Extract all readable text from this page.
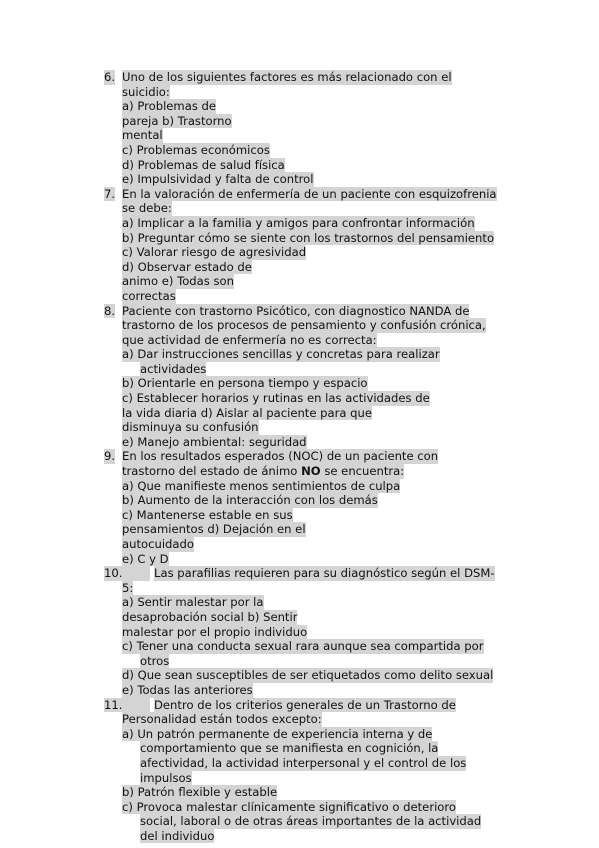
6. Uno de los siguientes factores es más relacionado con el
suicidio:
a) Problemas de
pareja b) Trastorno
mental
c) Problemas económicos
d) Problemas de salud física
e) Impulsividad y falta de control
7. En la valoración de enfermería de un paciente con esquizofrenia
se debe:
a) Implicar a la familia y amigos para confrontar información
b) Preguntar cómo se siente con los trastornos del pensamiento
c) Valorar riesgo de agresividad
d) Observar estado de
animo e) Todas son
correctas
8. Paciente con trastorno Psicótico, con diagnostico NANDA de
trastorno de los procesos de pensamiento y confusión crónica,
que actividad de enfermería no es correcta:
a) Dar instrucciones sencillas y concretas para realizar
actividades
b) Orientarle en persona tiempo y espacio
c) Establecer horarios y rutinas en las actividades de
la vida diaria d) Aislar al paciente para que
disminuya su confusión
e) Manejo ambiental: seguridad
9. En los resultados esperados (NOC) de un paciente con
trastorno del estado de ánimo NO se encuentra:
a) Que manifieste menos sentimientos de culpa
b) Aumento de la interacción con los demás
c) Mantenerse estable en sus
pensamientos d) Dejación en el
autocuidado
e) C y D
10.	Las parafilias requieren para su diagnóstico según el DSM-
5:
a) Sentir malestar por la
desaprobación social b) Sentir
malestar por el propio individuo
c) Tener una conducta sexual rara aunque sea compartida por
otros
d) Que sean susceptibles de ser etiquetados como delito sexual
e) Todas las anteriores
11.	Dentro de los criterios generales de un Trastorno de
Personalidad están todos excepto:
a) Un patrón permanente de experiencia interna y de
comportamiento que se manifiesta en cognición, la
afectividad, la actividad interpersonal y el control de los
impulsos
b) Patrón flexible y estable
c) Provoca malestar clínicamente significativo o deterioro
social, laboral o de otras áreas importantes de la actividad
del individuo
